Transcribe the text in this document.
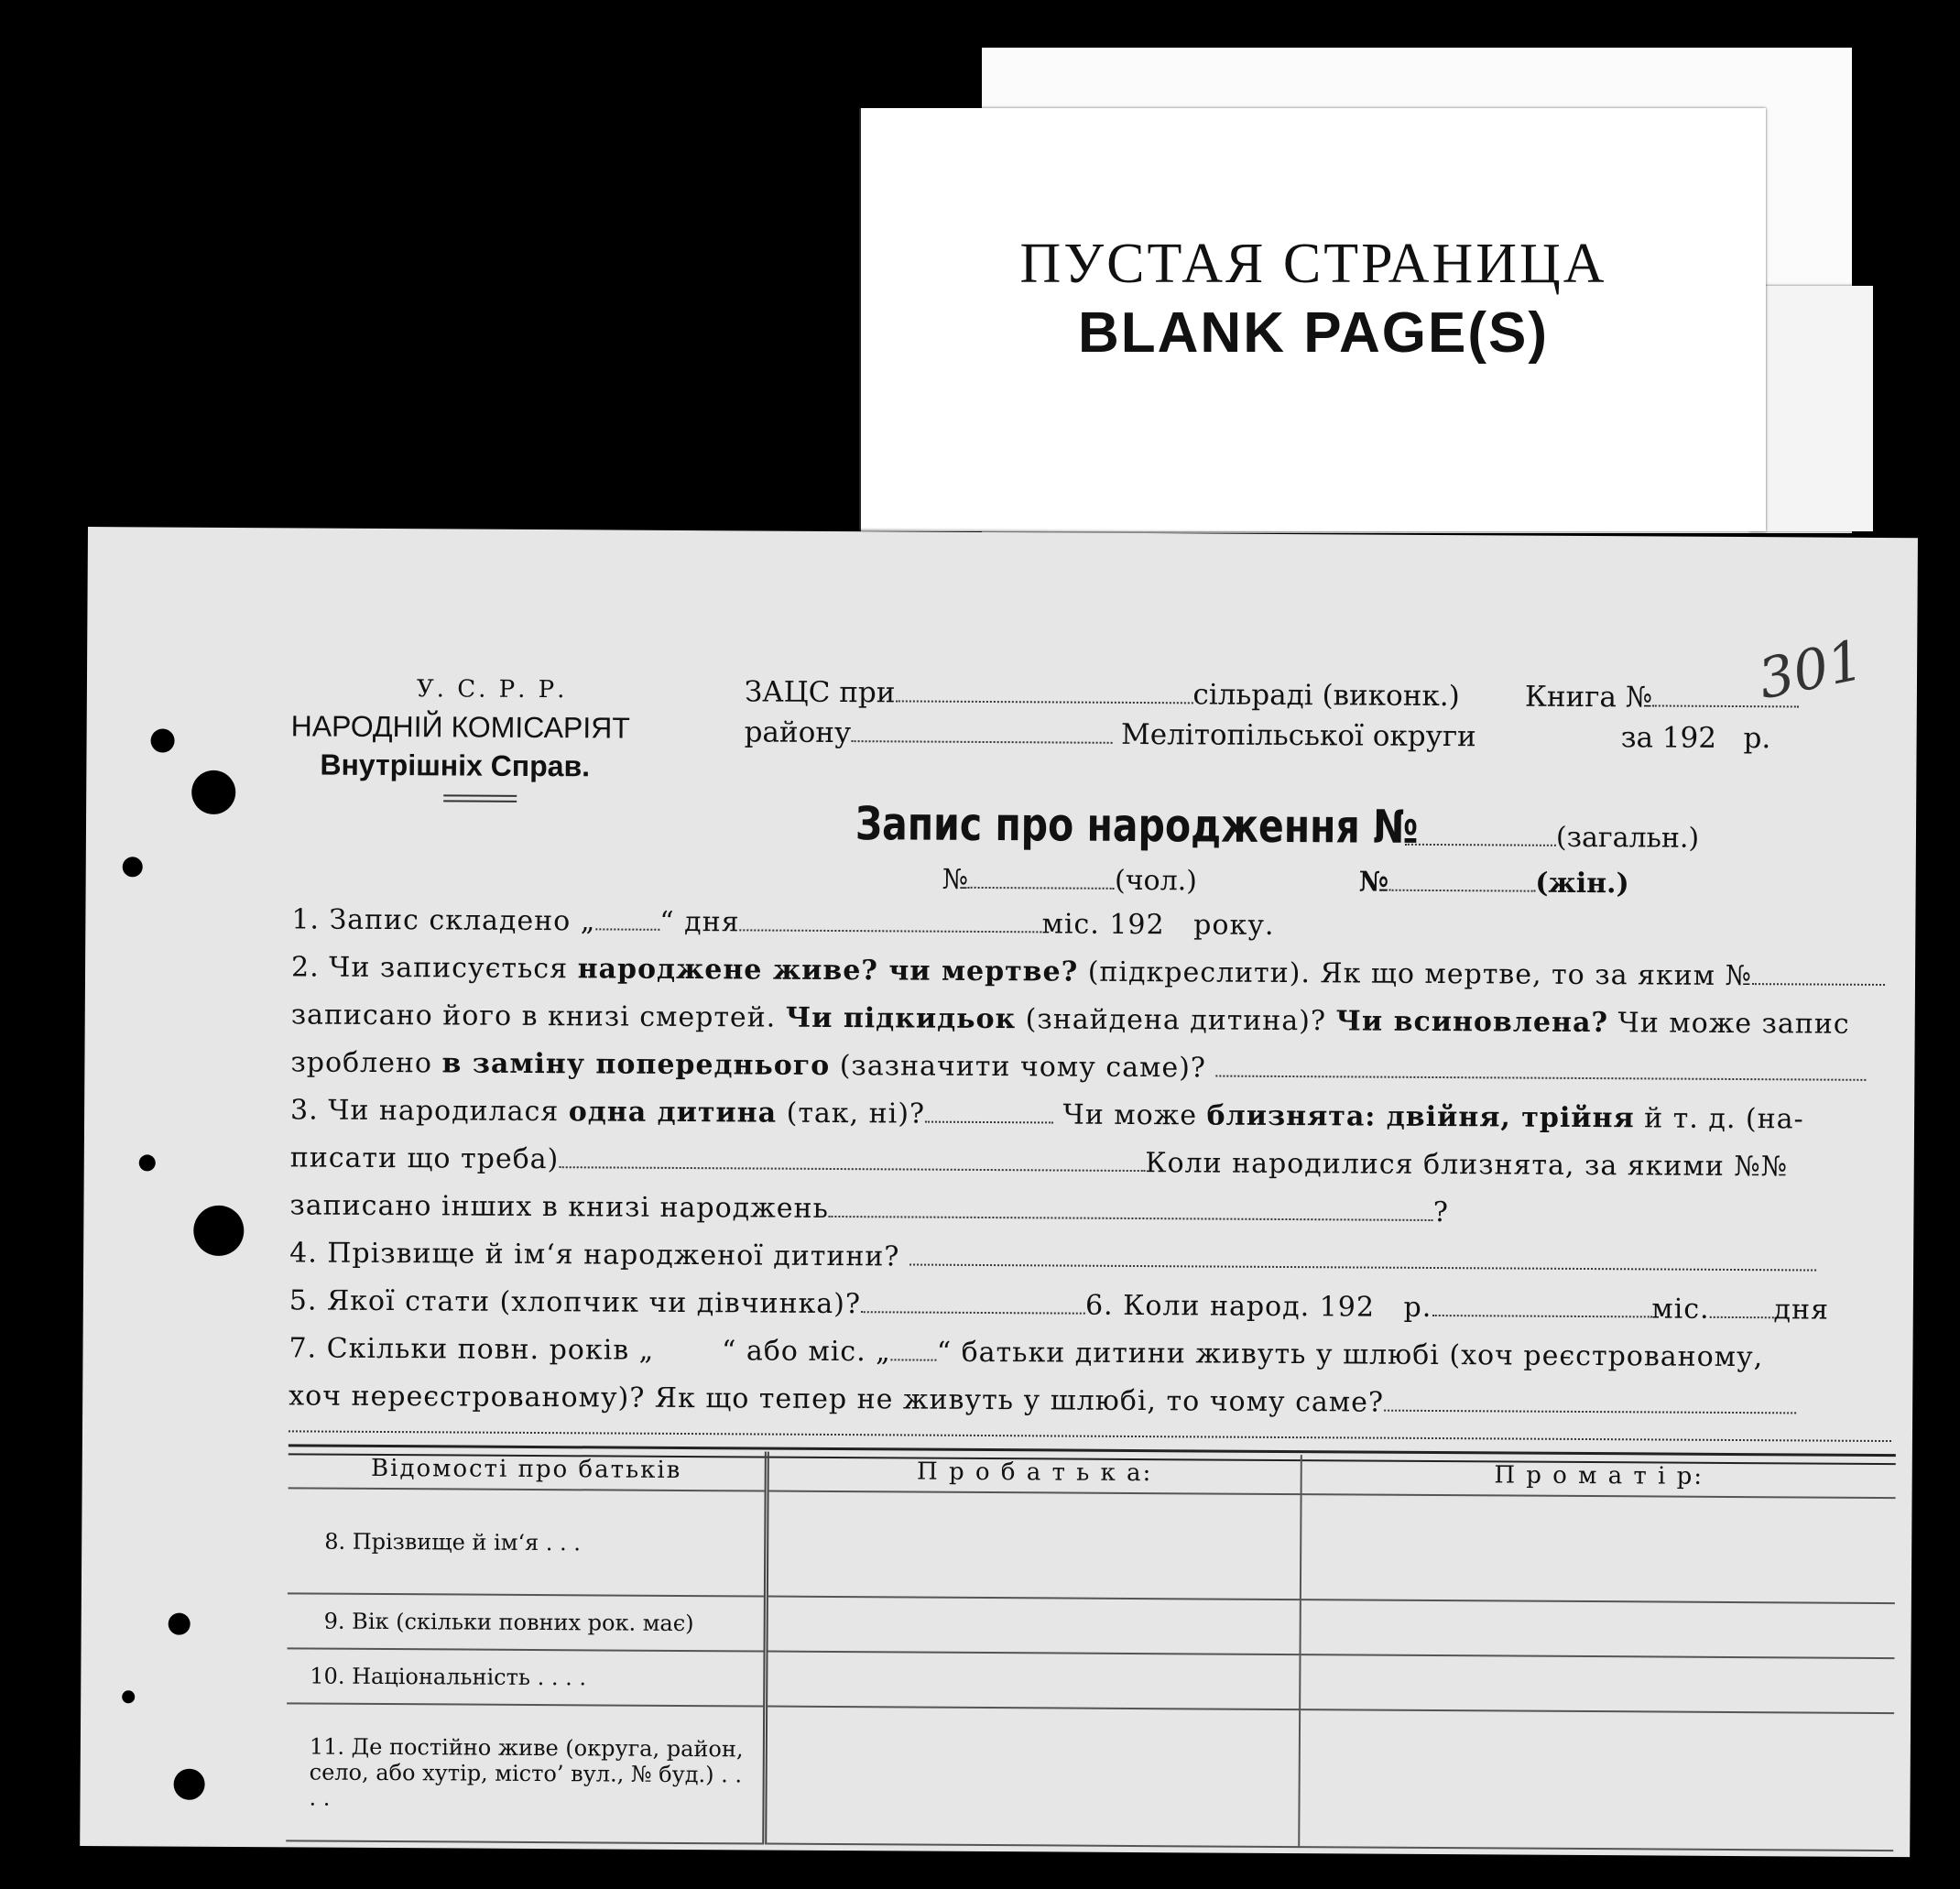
ПУСТАЯ СТРАНИЦА
BLANK PAGE(S)
301
У. С. Р. Р.
НАРОДНІЙ КОМІСАРІЯТ
Внутрішніх Справ.
ЗАЦС при	сільраді (виконк.) Книга №
району	Мелітопільської округи	за 192 р.
Запис про народження №	(загальн.)
№	(чол.)	№	(жін.)
1. Запис складено „ “ дня	міс. 192 року.
2. Чи записується народжене живе? чи мертве? (підкреслити). Як що мертве, то за яким №
записано його в книзі смертей. Чи підкидьок (знайдена дитина)? Чи всиновлена? Чи може запис
зроблено в заміну попереднього (зазначити чому саме)?
3. Чи народилася одна дитина (так, ні)?	Чи може близнята: двійня, трійня й т. д. (на-
писати що треба)	Коли народилися близнята, за якими №№
записано інших в книзі народжень	?
4. Прізвище й ім‘я народженої дитини?
5. Якої стати (хлопчик чи дівчинка)?	6. Коли народ. 192 р.	міс. дня
7. Скільки повн. років „ “ або міс. „ “ батьки дитини живуть у шлюбі (хоч реєстрованому,
хоч нереєстрованому)? Як що тепер не живуть у шлюбі, то чому саме?
Відомості про батьків	П р о б а т ь к а:	П р о м а т і р:
8. Прізвище й ім‘я . . .		
9. Вік (скільки повних рок. має)		
10. Національність . . . .		
11. Де постійно живе (округа, район, село, або хутір, місто’ вул., № буд.) . . . .		
